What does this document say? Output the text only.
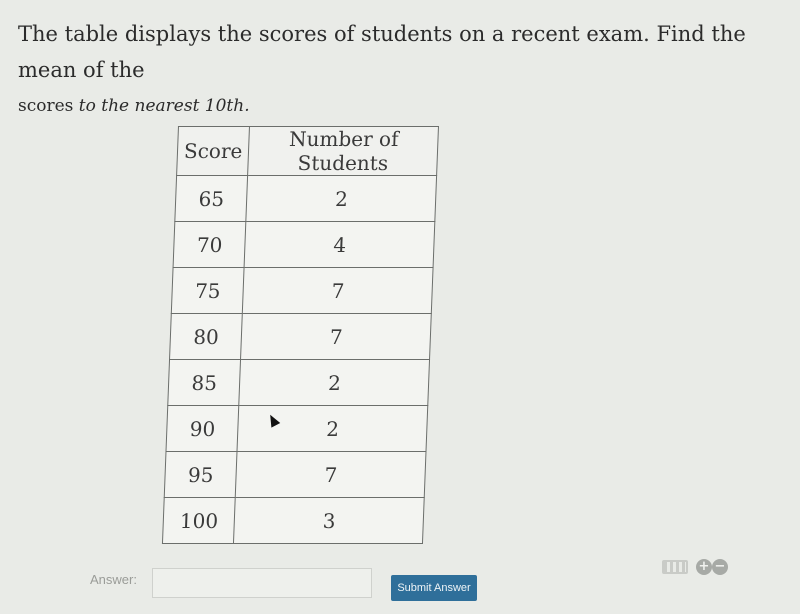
The table displays the scores of students on a recent exam. Find the mean of the
scores to the nearest 10th.
Score	Number of Students
65	2
70	4
75	7
80	7
85	2
90	2
95	7
100	3
Answer:
Submit Answer
+ −
